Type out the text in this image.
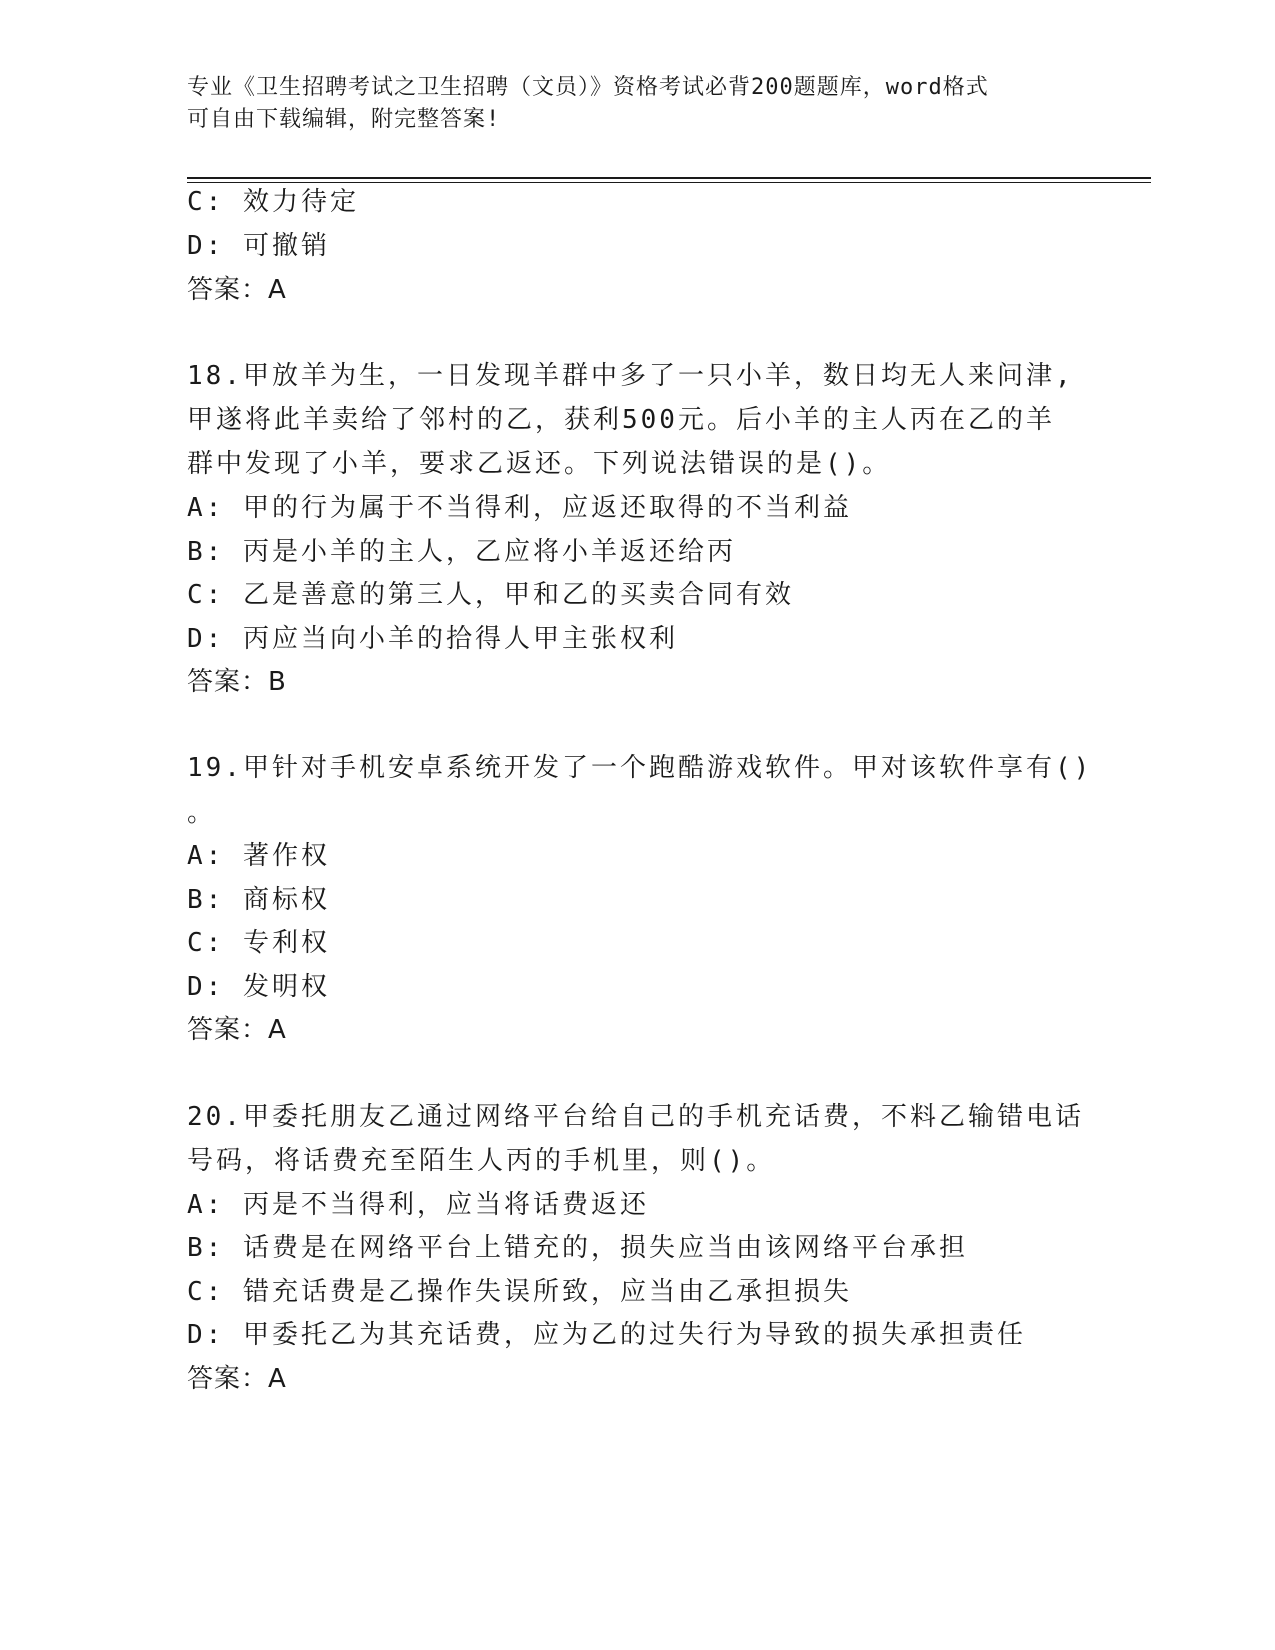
专业《卫生招聘考试之卫生招聘（文员）》资格考试必背200题题库，word格式
可自由下载编辑，附完整答案!
C: 效力待定
D: 可撤销
答案：A
18.甲放羊为生，一日发现羊群中多了一只小羊，数日均无人来问津,
甲遂将此羊卖给了邻村的乙，获利500元。后小羊的主人丙在乙的羊
群中发现了小羊，要求乙返还。下列说法错误的是()。
A: 甲的行为属于不当得利，应返还取得的不当利益
B: 丙是小羊的主人，乙应将小羊返还给丙
C: 乙是善意的第三人，甲和乙的买卖合同有效
D: 丙应当向小羊的拾得人甲主张权利
答案：B
19.甲针对手机安卓系统开发了一个跑酷游戏软件。甲对该软件享有()
。
A: 著作权
B: 商标权
C: 专利权
D: 发明权
答案：A
20.甲委托朋友乙通过网络平台给自己的手机充话费，不料乙输错电话
号码，将话费充至陌生人丙的手机里，则()。
A: 丙是不当得利，应当将话费返还
B: 话费是在网络平台上错充的，损失应当由该网络平台承担
C: 错充话费是乙操作失误所致，应当由乙承担损失
D: 甲委托乙为其充话费，应为乙的过失行为导致的损失承担责任
答案：A
